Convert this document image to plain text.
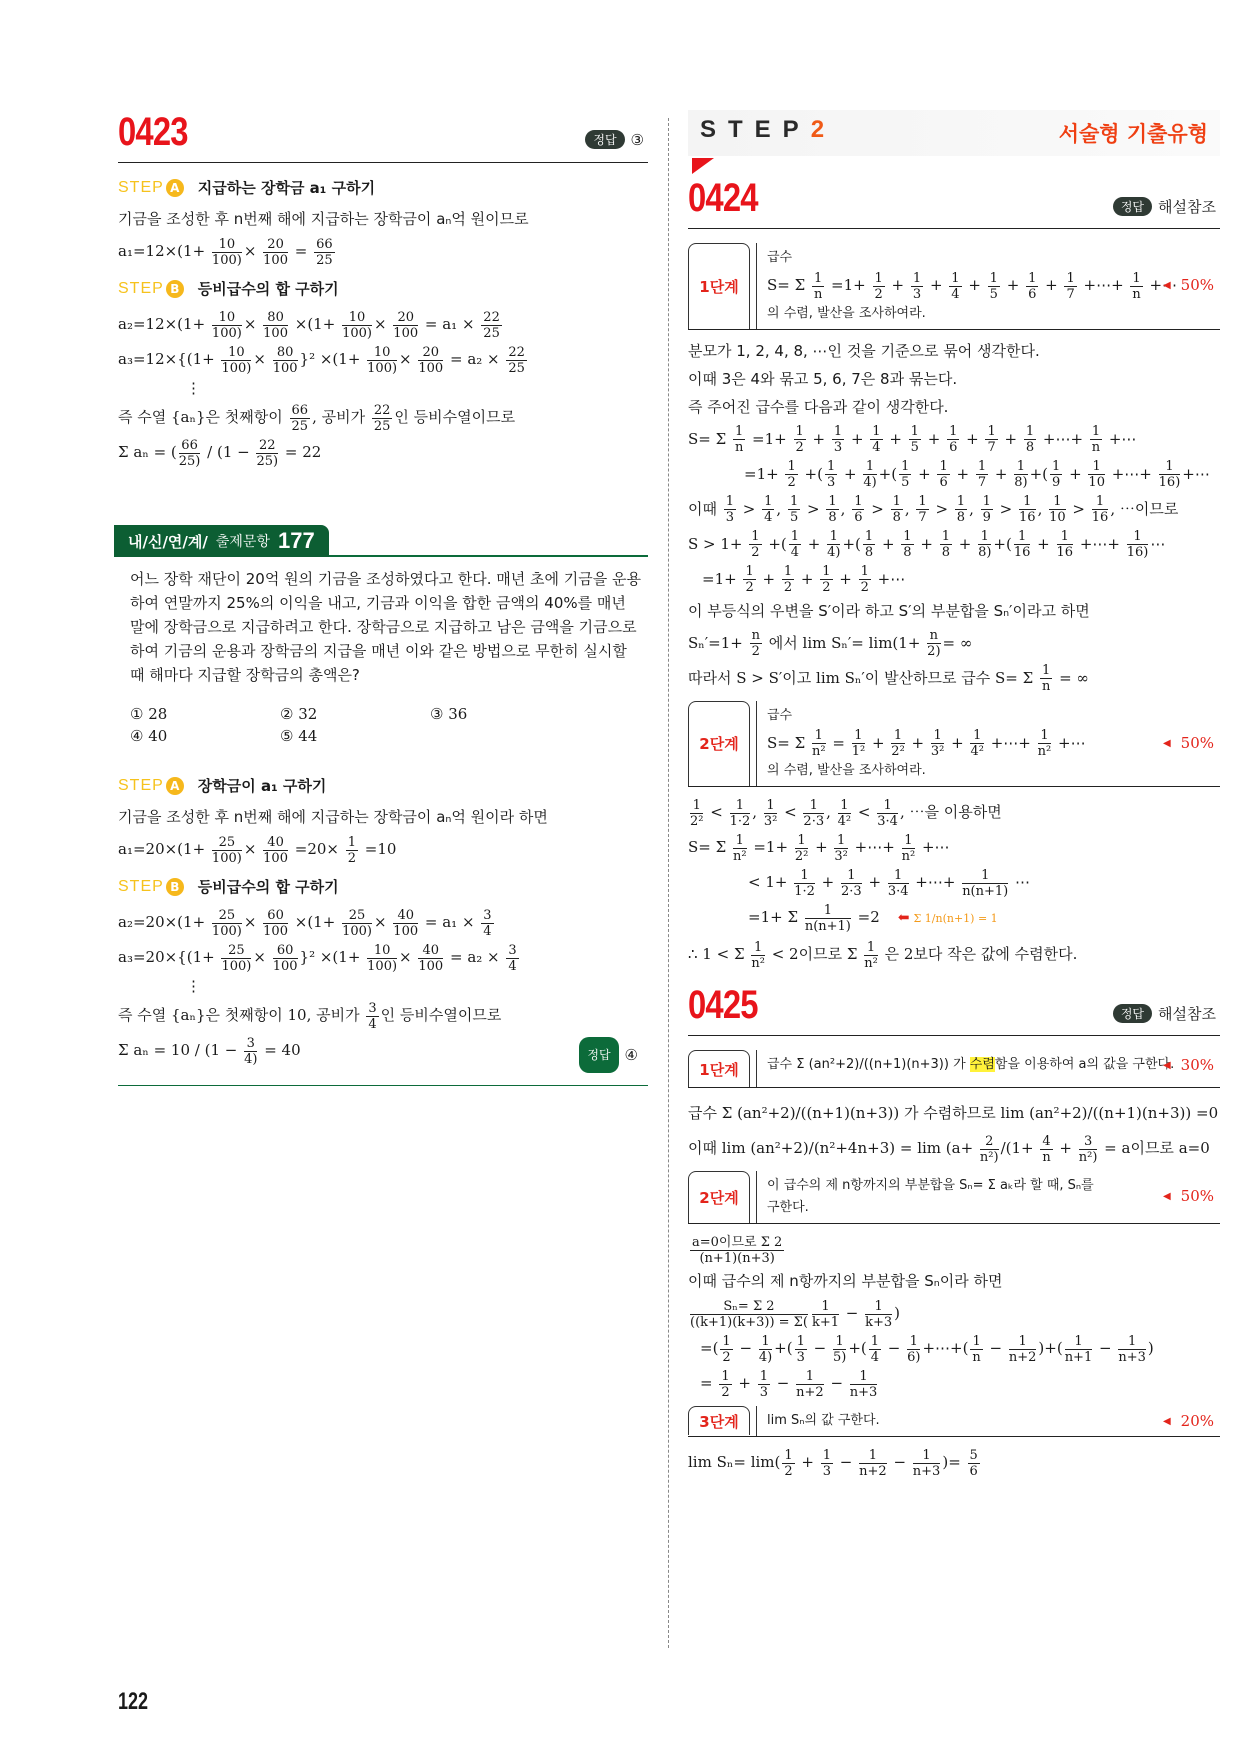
0423	정답 ③
STEP A 지급하는 장학금 a₁ 구하기
기금을 조성한 후 n번째 해에 지급하는 장학금이 aₙ억 원이므로
$a_1=12\times(1+ \frac{10}{100)} \times \frac{20}{100} = \frac{66}{25}$
STEP B 등비급수의 합 구하기
$a_2=12\times(1+ \frac{10}{100)} \times \frac{80}{100} \times(1+ \frac{10}{100)} \times \frac{20}{100} = a_1 \times \frac{22}{25}$
$a_3=12\times\{(1+ \frac{10}{100)} \times \frac{80}{100} \}^2 \times(1+ \frac{10}{100)} \times \frac{20}{100} = a_2 \times \frac{22}{25}$
⋮
즉 수열 {aₙ}은 첫째항이 $\frac{66}{25}$ , 공비가 $\frac{22}{25}$ 인 등비수열이므로
Σ aₙ = ( $\frac{66}{25)} / (1 - \frac{22}{25)} = 22$
내/신/연/계/ 출제문항 177
어느 장학 재단이 20억 원의 기금을 조성하였다고 한다. 매년 초에 기금을 운용하여 연말까지 25%의 이익을 내고, 기금과 이익을 합한 금액의 40%를 매년 말에 장학금으로 지급하려고 한다. 장학금으로 지급하고 남은 금액을 기금으로 하여 기금의 운용과 장학금의 지급을 매년 이와 같은 방법으로 무한히 실시할 때 해마다 지급할 장학금의 총액은?
① 28	② 32	③ 36
④ 40	⑤ 44
STEP A 장학금이 a₁ 구하기
기금을 조성한 후 n번째 해에 지급하는 장학금이 aₙ억 원이라 하면
$a_1=20\times(1+ \frac{25}{100)} \times \frac{40}{100} =20\times \frac{1}{2} =10$
STEP B 등비급수의 합 구하기
$a_2=20\times(1+ \frac{25}{100)} \times \frac{60}{100} \times(1+ \frac{25}{100)} \times \frac{40}{100} = a_1 \times \frac{3}{4}$
$a_3=20\times\{(1+ \frac{25}{100)} \times \frac{60}{100} \}^2 \times(1+ \frac{10}{100)} \times \frac{40}{100} = a_2 \times \frac{3}{4}$
⋮
즉 수열 {aₙ}은 첫째항이 10, 공비가 $\frac{3}{4}$ 인 등비수열이므로
Σ $a_n = 10 / (1 - \frac{3}{4)} = 40$	정답 ④
STEP2	서술형 기출유형
0424	정답 해설참조
1단계
급수
S= Σ $\frac{1}{n} =1+ \frac{1}{2} + \frac{1}{3} + \frac{1}{4} + \frac{1}{5} + \frac{1}{6} + \frac{1}{7}$ +⋯+ $\frac{1}{n}$ +⋯ ◀ 50%
의 수렴, 발산을 조사하여라.
분모가 1, 2, 4, 8, ⋯인 것을 기준으로 묶어 생각한다.
이때 3은 4와 묶고 5, 6, 7은 8과 묶는다.
즉 주어진 급수를 다음과 같이 생각한다.
S= Σ $\frac{1}{n} =1+ \frac{1}{2} + \frac{1}{3} + \frac{1}{4} + \frac{1}{5} + \frac{1}{6} + \frac{1}{7} + \frac{1}{8}$ +⋯+ $\frac{1}{n}$ +⋯
$=1+ \frac{1}{2}$ +( $\frac{1}{3} + \frac{1}{4)}$ +( $\frac{1}{5} + \frac{1}{6} + \frac{1}{7} + \frac{1}{8)}$ +( $\frac{1}{9} + \frac{1}{10}$ +⋯+ $\frac{1}{16)}$ +⋯
이때 $\frac{1}{3} > \frac{1}{4}$ , $\frac{1}{5} > \frac{1}{8}$ , $\frac{1}{6} > \frac{1}{8}$ , $\frac{1}{7} > \frac{1}{8}$ , $\frac{1}{9} > \frac{1}{16}$ , $\frac{1}{10} > \frac{1}{16}$ , ⋯이므로
$S > 1+ \frac{1}{2}$ +( $\frac{1}{4} + \frac{1}{4)}$ +( $\frac{1}{8} + \frac{1}{8} + \frac{1}{8} + \frac{1}{8)}$ +( $\frac{1}{16} + \frac{1}{16}$ +⋯+ $\frac{1}{16)}$ ⋯
$=1+ \frac{1}{2} + \frac{1}{2} + \frac{1}{2} + \frac{1}{2}$ +⋯
이 부등식의 우변을 S′이라 하고 S′의 부분합을 Sₙ′이라고 하면
$S_n'=1+ \frac{n}{2}$ 에서 $\lim S_n'= \lim(1+ \frac{n}{2)}$ = ∞
따라서 S > S′이고 lim Sₙ′이 발산하므로 급수 S= Σ $\frac{1}{n}$ = ∞
2단계
급수
S= Σ $\frac{1}{\text{n²}} = \frac{1}{\text{1²}} + \frac{1}{\text{2²}} + \frac{1}{\text{3²}} + \frac{1}{\text{4²}}$ +⋯+ $\frac{1}{\text{n²}}$ +⋯	◀ 50%
의 수렴, 발산을 조사하여라.
$\frac{1}{\text{2²}} < \frac{1}{1\cdot 2}$ , $\frac{1}{\text{3²}} < \frac{1}{2\cdot 3}$ , $\frac{1}{\text{4²}} < \frac{1}{3\cdot 4}$ , ⋯을 이용하면
S= Σ $\frac{1}{\text{n²}} =1+ \frac{1}{\text{2²}} + \frac{1}{\text{3²}}$ +⋯+ $\frac{1}{\text{n²}}$ +⋯
< $1+ \frac{1}{1\cdot 2} + \frac{1}{2\cdot 3} + \frac{1}{3\cdot 4}$ +⋯+ $\frac{1}{n(n+1)}$ ⋯
=1+ Σ $\frac{1}{n(n+1)} =2$	⬅ Σ 1/n(n+1) = 1
∴ 1 < Σ $\frac{1}{\text{n²}} < 2$이므로 Σ $\frac{1}{\text{n²}}$ 은 2보다 작은 값에 수렴한다.
0425	정답 해설참조
1단계	급수 Σ (an²+2)/((n+1)(n+3)) 가 수렴함을 이용하여 a의 값을 구한다. ◀ 30%
급수 Σ (an²+2)/((n+1)(n+3)) 가 수렴하므로 lim (an²+2)/((n+1)(n+3)) =0
이때 $\lim (an^2+2)/(n^2+4n+3) = \lim (a+ \frac{2}{\text{n²)}} /(1+ \frac{4}{n} + \frac{3}{\text{n²)}} = a$이므로 a=0
2단계
이 급수의 제 n항까지의 부분합을 Sₙ= Σ aₖ라 할 때, Sₙ를
구한다.
◀ 50%
$\frac{\text{a=0이므로 Σ 2}}{(n+1)(n+3)}$
이때 급수의 제 n항까지의 부분합을 Sₙ이라 하면
$\frac{\text{Sₙ= Σ 2}}{((k+1)(k+3)) = \Sigma(} \frac{1}{k+1} - \frac{1}{k+3}$ )
=( $\frac{1}{2} - \frac{1}{4)}$ +( $\frac{1}{3} - \frac{1}{5)}$ +( $\frac{1}{4} - \frac{1}{6)}$ +⋯+( $\frac{1}{n} - \frac{1}{n+2}$ )+( $\frac{1}{n+1} - \frac{1}{n+3}$ )
= $\frac{1}{2} + \frac{1}{3} - \frac{1}{n+2} - \frac{1}{n+3}$
3단계	lim Sₙ의 값 구한다.	◀ 20%
$\lim S_n= \lim( \frac{1}{2} + \frac{1}{3} - \frac{1}{n+2} - \frac{1}{n+3}$ )= $\frac{5}{6}$
122
